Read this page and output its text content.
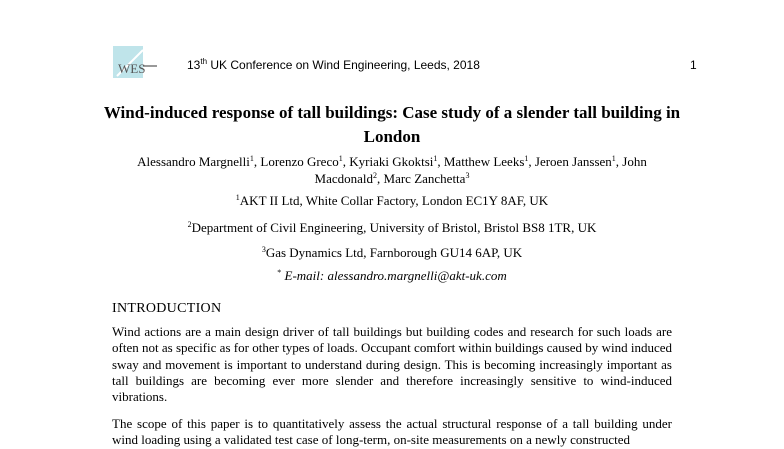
WES	13th UK Conference on Wind Engineering, Leeds, 2018	1
Wind-induced response of tall buildings: Case study of a slender tall building in London
Alessandro Margnelli$^1$, Lorenzo Greco$^1$, Kyriaki Gkoktsi$^1$, Matthew Leeks$^1$, Jeroen Janssen$^1$, John Macdonald$^2$, Marc Zanchetta$^3$
$^1$AKT II Ltd, White Collar Factory, London EC1Y 8AF, UK
$^2$Department of Civil Engineering, University of Bristol, Bristol BS8 1TR, UK
$^3$Gas Dynamics Ltd, Farnborough GU14 6AP, UK
* E-mail: alessandro.margnelli@akt-uk.com
INTRODUCTION
Wind actions are a main design driver of tall buildings but building codes and research for such loads are often not as specific as for other types of loads. Occupant comfort within buildings caused by wind induced sway and movement is important to understand during design. This is becoming increasingly important as tall buildings are becoming ever more slender and therefore increasingly sensitive to wind-induced vibrations.
The scope of this paper is to quantitatively assess the actual structural response of a tall building under wind loading using a validated test case of long-term, on-site measurements on a newly constructed
